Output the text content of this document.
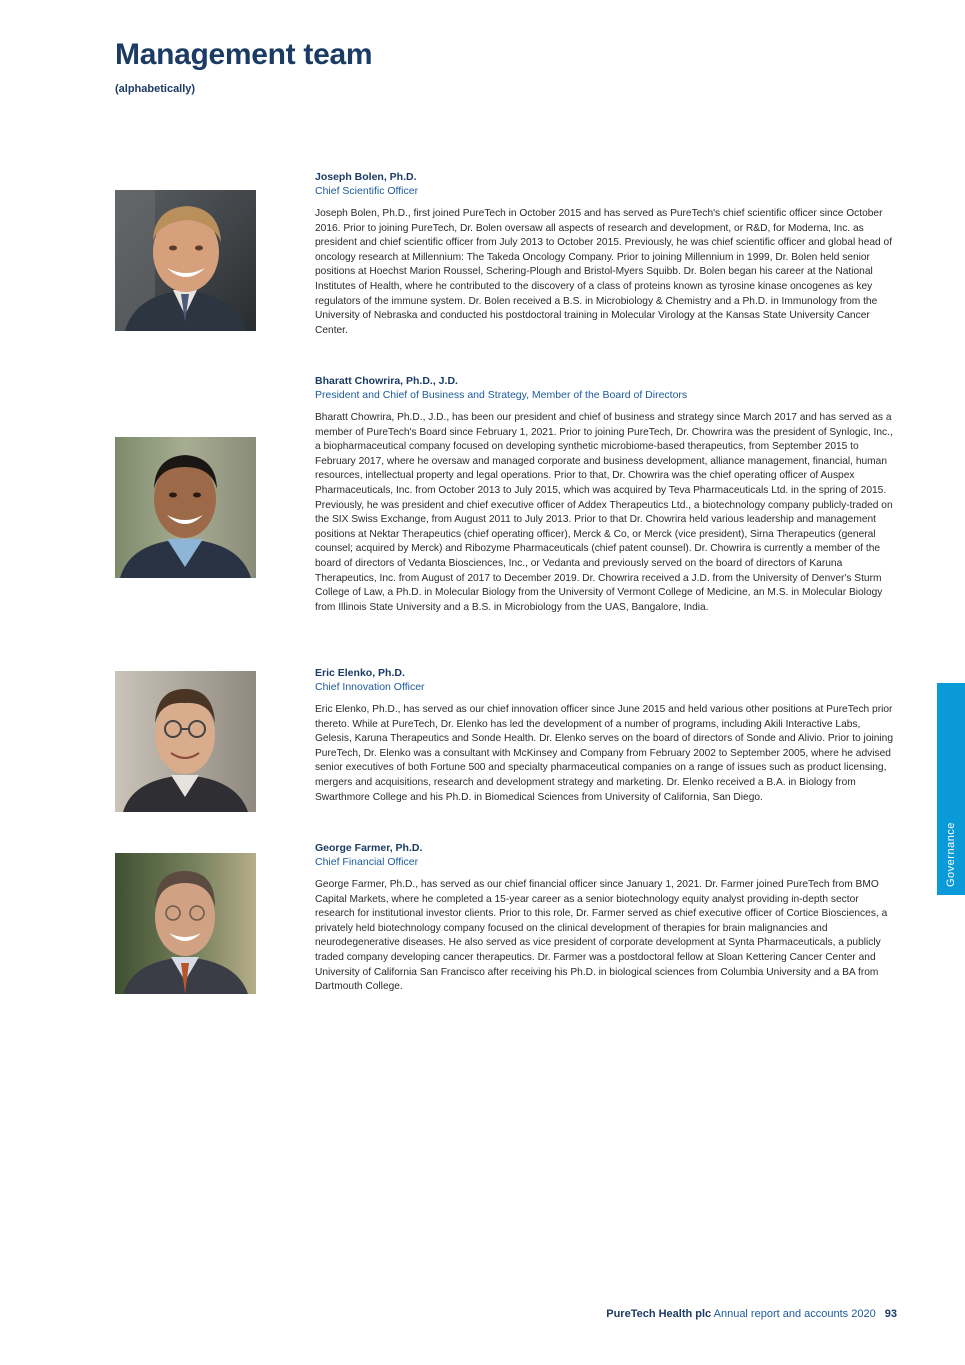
Management team
(alphabetically)
Joseph Bolen, Ph.D.
Chief Scientific Officer
Joseph Bolen, Ph.D., first joined PureTech in October 2015 and has served as PureTech's chief scientific officer since October 2016. Prior to joining PureTech, Dr. Bolen oversaw all aspects of research and development, or R&D, for Moderna, Inc. as president and chief scientific officer from July 2013 to October 2015. Previously, he was chief scientific officer and global head of oncology research at Millennium: The Takeda Oncology Company. Prior to joining Millennium in 1999, Dr. Bolen held senior positions at Hoechst Marion Roussel, Schering-Plough and Bristol-Myers Squibb. Dr. Bolen began his career at the National Institutes of Health, where he contributed to the discovery of a class of proteins known as tyrosine kinase oncogenes as key regulators of the immune system. Dr. Bolen received a B.S. in Microbiology & Chemistry and a Ph.D. in Immunology from the University of Nebraska and conducted his postdoctoral training in Molecular Virology at the Kansas State University Cancer Center.
Bharatt Chowrira, Ph.D., J.D.
President and Chief of Business and Strategy, Member of the Board of Directors
Bharatt Chowrira, Ph.D., J.D., has been our president and chief of business and strategy since March 2017 and has served as a member of PureTech's Board since February 1, 2021. Prior to joining PureTech, Dr. Chowrira was the president of Synlogic, Inc., a biopharmaceutical company focused on developing synthetic microbiome-based therapeutics, from September 2015 to February 2017, where he oversaw and managed corporate and business development, alliance management, financial, human resources, intellectual property and legal operations. Prior to that, Dr. Chowrira was the chief operating officer of Auspex Pharmaceuticals, Inc. from October 2013 to July 2015, which was acquired by Teva Pharmaceuticals Ltd. in the spring of 2015. Previously, he was president and chief executive officer of Addex Therapeutics Ltd., a biotechnology company publicly-traded on the SIX Swiss Exchange, from August 2011 to July 2013. Prior to that Dr. Chowrira held various leadership and management positions at Nektar Therapeutics (chief operating officer), Merck & Co, or Merck (vice president), Sirna Therapeutics (general counsel; acquired by Merck) and Ribozyme Pharmaceuticals (chief patent counsel). Dr. Chowrira is currently a member of the board of directors of Vedanta Biosciences, Inc., or Vedanta and previously served on the board of directors of Karuna Therapeutics, Inc. from August of 2017 to December 2019. Dr. Chowrira received a J.D. from the University of Denver's Sturm College of Law, a Ph.D. in Molecular Biology from the University of Vermont College of Medicine, an M.S. in Molecular Biology from Illinois State University and a B.S. in Microbiology from the UAS, Bangalore, India.
Eric Elenko, Ph.D.
Chief Innovation Officer
Eric Elenko, Ph.D., has served as our chief innovation officer since June 2015 and held various other positions at PureTech prior thereto. While at PureTech, Dr. Elenko has led the development of a number of programs, including Akili Interactive Labs, Gelesis, Karuna Therapeutics and Sonde Health. Dr. Elenko serves on the board of directors of Sonde and Alivio. Prior to joining PureTech, Dr. Elenko was a consultant with McKinsey and Company from February 2002 to September 2005, where he advised senior executives of both Fortune 500 and specialty pharmaceutical companies on a range of issues such as product licensing, mergers and acquisitions, research and development strategy and marketing. Dr. Elenko received a B.A. in Biology from Swarthmore College and his Ph.D. in Biomedical Sciences from University of California, San Diego.
George Farmer, Ph.D.
Chief Financial Officer
George Farmer, Ph.D., has served as our chief financial officer since January 1, 2021. Dr. Farmer joined PureTech from BMO Capital Markets, where he completed a 15-year career as a senior biotechnology equity analyst providing in-depth sector research for institutional investor clients. Prior to this role, Dr. Farmer served as chief executive officer of Cortice Biosciences, a privately held biotechnology company focused on the clinical development of therapies for brain malignancies and neurodegenerative diseases. He also served as vice president of corporate development at Synta Pharmaceuticals, a publicly traded company developing cancer therapeutics. Dr. Farmer was a postdoctoral fellow at Sloan Kettering Cancer Center and University of California San Francisco after receiving his Ph.D. in biological sciences from Columbia University and a BA from Dartmouth College.
Governance
PureTech Health plc Annual report and accounts 2020 93
